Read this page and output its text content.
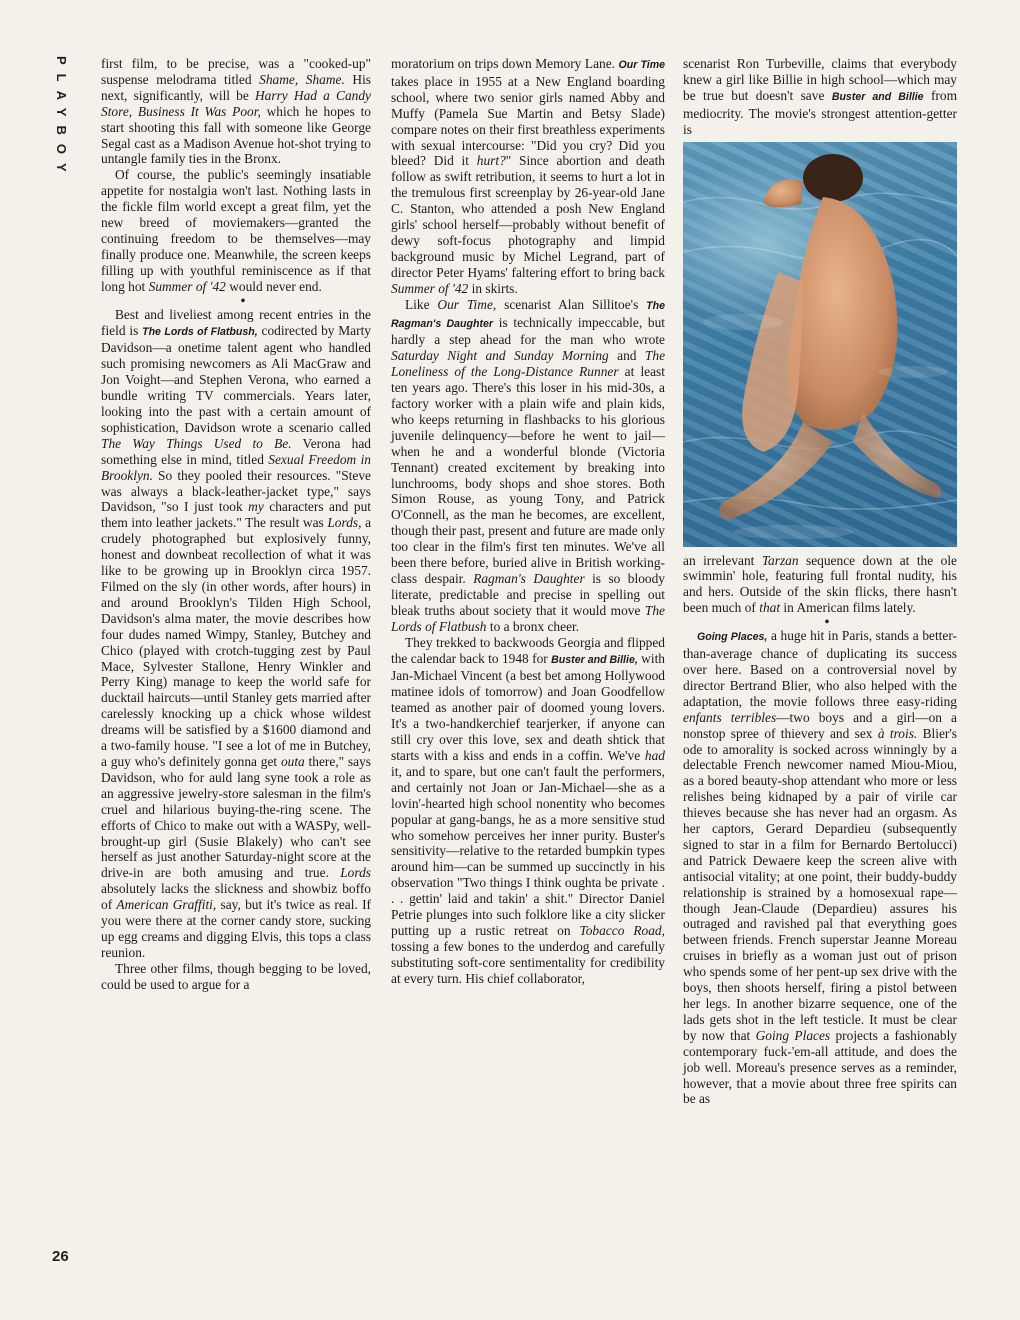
PLAYBOY
26

first film, to be precise, was a "cooked-up" suspense melodrama titled Shame, Shame. His next, significantly, will be Harry Had a Candy Store, Business It Was Poor, which he hopes to start shooting this fall with someone like George Segal cast as a Madison Avenue hot-shot trying to untangle family ties in the Bronx.

Of course, the public's seemingly insatiable appetite for nostalgia won't last. Nothing lasts in the fickle film world except a great film, yet the new breed of moviemakers—granted the continuing freedom to be themselves—may finally produce one. Meanwhile, the screen keeps filling up with youthful reminiscence as if that long hot Summer of '42 would never end.

•

Best and liveliest among recent entries in the field is The Lords of Flatbush, codirected by Marty Davidson—a onetime talent agent who handled such promising newcomers as Ali MacGraw and Jon Voight—and Stephen Verona, who earned a bundle writing TV commercials. Years later, looking into the past with a certain amount of sophistication, Davidson wrote a scenario called The Way Things Used to Be. Verona had something else in mind, titled Sexual Freedom in Brooklyn. So they pooled their resources. "Steve was always a black-leather-jacket type," says Davidson, "so I just took my characters and put them into leather jackets." The result was Lords, a crudely photographed but explosively funny, honest and downbeat recollection of what it was like to be growing up in Brooklyn circa 1957. Filmed on the sly (in other words, after hours) in and around Brooklyn's Tilden High School, Davidson's alma mater, the movie describes how four dudes named Wimpy, Stanley, Butchey and Chico (played with crotch-tugging zest by Paul Mace, Sylvester Stallone, Henry Winkler and Perry King) manage to keep the world safe for ducktail haircuts—until Stanley gets married after carelessly knocking up a chick whose wildest dreams will be satisfied by a $1600 diamond and a two-family house. "I see a lot of me in Butchey, a guy who's definitely gonna get outa there," says Davidson, who for auld lang syne took a role as an aggressive jewelry-store salesman in the film's cruel and hilarious buying-the-ring scene. The efforts of Chico to make out with a WASPy, well-brought-up girl (Susie Blakely) who can't see herself as just another Saturday-night score at the drive-in are both amusing and true. Lords absolutely lacks the slickness and showbiz boffo of American Graffiti, say, but it's twice as real. If you were there at the corner candy store, sucking up egg creams and digging Elvis, this tops a class reunion.

Three other films, though begging to be loved, could be used to argue for a

moratorium on trips down Memory Lane. Our Time takes place in 1955 at a New England boarding school, where two senior girls named Abby and Muffy (Pamela Sue Martin and Betsy Slade) compare notes on their first breathless experiments with sexual intercourse: "Did you cry? Did you bleed? Did it hurt?" Since abortion and death follow as swift retribution, it seems to hurt a lot in the tremulous first screenplay by 26-year-old Jane C. Stanton, who attended a posh New England girls' school herself—probably without benefit of dewy soft-focus photography and limpid background music by Michel Legrand, part of director Peter Hyams' faltering effort to bring back Summer of '42 in skirts.

Like Our Time, scenarist Alan Sillitoe's The Ragman's Daughter is technically impeccable, but hardly a step ahead for the man who wrote Saturday Night and Sunday Morning and The Loneliness of the Long-Distance Runner at least ten years ago. There's this loser in his mid-30s, a factory worker with a plain wife and plain kids, who keeps returning in flashbacks to his glorious juvenile delinquency—before he went to jail—when he and a wonderful blonde (Victoria Tennant) created excitement by breaking into lunchrooms, body shops and shoe stores. Both Simon Rouse, as young Tony, and Patrick O'Connell, as the man he becomes, are excellent, though their past, present and future are made only too clear in the film's first ten minutes. We've all been there before, buried alive in British working-class despair. Ragman's Daughter is so bloody literate, predictable and precise in spelling out bleak truths about society that it would move The Lords of Flatbush to a bronx cheer.

They trekked to backwoods Georgia and flipped the calendar back to 1948 for Buster and Billie, with Jan-Michael Vincent (a best bet among Hollywood matinee idols of tomorrow) and Joan Goodfellow teamed as another pair of doomed young lovers. It's a two-handkerchief tearjerker, if anyone can still cry over this love, sex and death shtick that starts with a kiss and ends in a coffin. We've had it, and to spare, but one can't fault the performers, and certainly not Joan or Jan-Michael—she as a lovin'-hearted high school nonentity who becomes popular at gang-bangs, he as a more sensitive stud who somehow perceives her inner purity. Buster's sensitivity—relative to the retarded bumpkin types around him—can be summed up succinctly in his observation "Two things I think oughta be private . . . gettin' laid and takin' a shit." Director Daniel Petrie plunges into such folklore like a city slicker putting up a rustic retreat on Tobacco Road, tossing a few bones to the underdog and carefully substituting soft-core sentimentality for credibility at every turn. His chief collaborator,

scenarist Ron Turbeville, claims that everybody knew a girl like Billie in high school—which may be true but doesn't save Buster and Billie from mediocrity. The movie's strongest attention-getter is

an irrelevant Tarzan sequence down at the ole swimmin' hole, featuring full frontal nudity, his and hers. Outside of the skin flicks, there hasn't been much of that in American films lately.

•

Going Places, a huge hit in Paris, stands a better-than-average chance of duplicating its success over here. Based on a controversial novel by director Bertrand Blier, who also helped with the adaptation, the movie follows three easy-riding enfants terribles—two boys and a girl—on a nonstop spree of thievery and sex à trois. Blier's ode to amorality is socked across winningly by a delectable French newcomer named Miou-Miou, as a bored beauty-shop attendant who more or less relishes being kidnaped by a pair of virile car thieves because she has never had an orgasm. As her captors, Gerard Depardieu (subsequently signed to star in a film for Bernardo Bertolucci) and Patrick Dewaere keep the screen alive with antisocial vitality; at one point, their buddy-buddy relationship is strained by a homosexual rape—though Jean-Claude (Depardieu) assures his outraged and ravished pal that everything goes between friends. French superstar Jeanne Moreau cruises in briefly as a woman just out of prison who spends some of her pent-up sex drive with the boys, then shoots herself, firing a pistol between her legs. In another bizarre sequence, one of the lads gets shot in the left testicle. It must be clear by now that Going Places projects a fashionably contemporary fuck-'em-all attitude, and does the job well. Moreau's presence serves as a reminder, however, that a movie about three free spirits can be as
